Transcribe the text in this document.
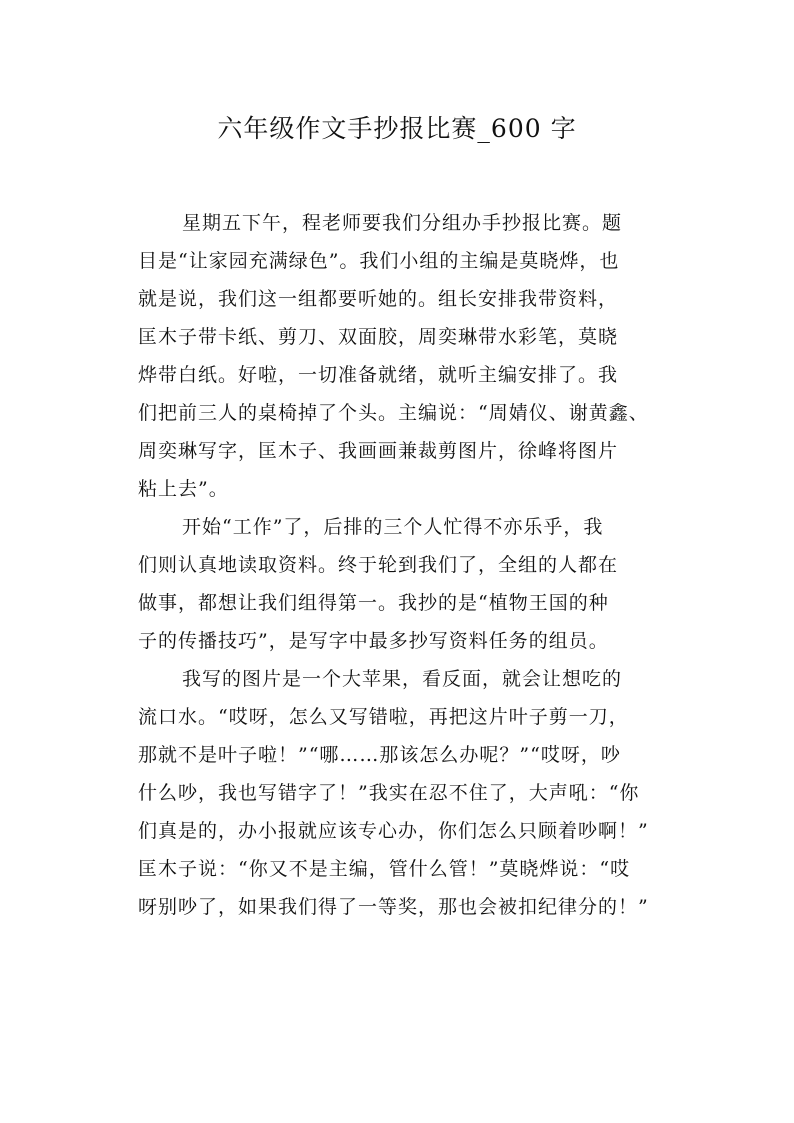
六年级作文手抄报比赛_600 字
星期五下午，程老师要我们分组办手抄报比赛。题
目是“让家园充满绿色”。我们小组的主编是莫晓烨，也
就是说，我们这一组都要听她的。组长安排我带资料，
匡木子带卡纸、剪刀、双面胶，周奕琳带水彩笔，莫晓
烨带白纸。好啦，一切准备就绪，就听主编安排了。我
们把前三人的桌椅掉了个头。主编说：“周婧仪、谢黄鑫、
周奕琳写字，匡木子、我画画兼裁剪图片，徐峰将图片
粘上去”。
开始“工作”了，后排的三个人忙得不亦乐乎，我
们则认真地读取资料。终于轮到我们了，全组的人都在
做事，都想让我们组得第一。我抄的是“植物王国的种
子的传播技巧”，是写字中最多抄写资料任务的组员。
我写的图片是一个大苹果，看反面，就会让想吃的
流口水。“哎呀，怎么又写错啦，再把这片叶子剪一刀，
那就不是叶子啦！”“哪……那该怎么办呢？”“哎呀，吵
什么吵，我也写错字了！”我实在忍不住了，大声吼：“你
们真是的，办小报就应该专心办，你们怎么只顾着吵啊！”
匡木子说：“你又不是主编，管什么管！”莫晓烨说：“哎
呀别吵了，如果我们得了一等奖，那也会被扣纪律分的！”
